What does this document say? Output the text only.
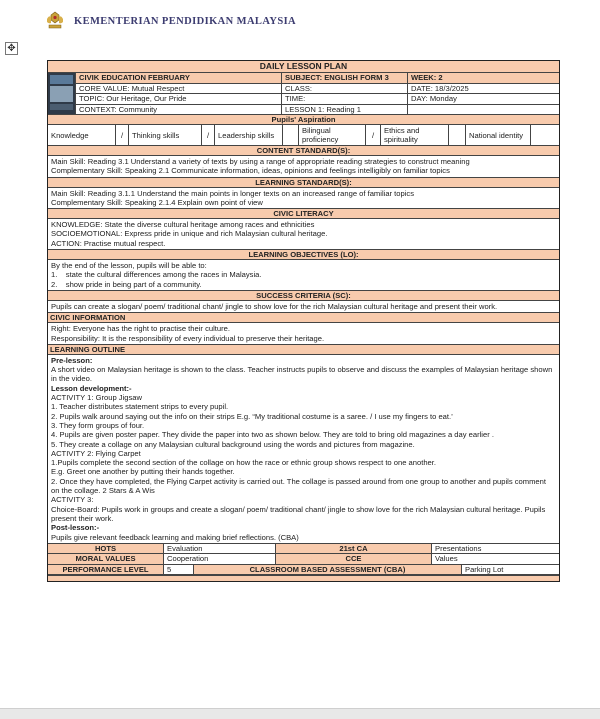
KEMENTERIAN PENDIDIKAN MALAYSIA
✥
DAILY LESSON PLAN
CIVIK EDUCATION FEBRUARY	SUBJECT: ENGLISH FORM 3	WEEK: 2
CORE VALUE: Mutual Respect	CLASS:	DATE: 18/3/2025
TOPIC: Our Heritage, Our Pride	TIME:	DAY: Monday
CONTEXT: Community	LESSON 1: Reading 1
Pupils' Aspiration
Knowledge	/	Thinking skills	/	Leadership skills	Bilingual proficiency	/	Ethics and spirituality	National identity
CONTENT STANDARD(S):
Main Skill: Reading 3.1 Understand a variety of texts by using a range of appropriate reading strategies to construct meaning
Complementary Skill: Speaking 2.1 Communicate information, ideas, opinions and feelings intelligibly on familiar topics
LEARNING STANDARD(S):
Main Skill: Reading 3.1.1 Understand the main points in longer texts on an increased range of familiar topics
Complementary Skill: Speaking 2.1.4 Explain own point of view
CIVIC LITERACY
KNOWLEDGE: State the diverse cultural heritage among races and ethnicities
SOCIOEMOTIONAL: Express pride in unique and rich Malaysian cultural heritage.
ACTION: Practise mutual respect.
LEARNING OBJECTIVES (LO):
By the end of the lesson, pupils will be able to:
1.    state the cultural differences among the races in Malaysia.
2.    show pride in being part of a community.
SUCCESS CRITERIA (SC):
Pupils can create a slogan/ poem/ traditional chant/ jingle to show love for the rich Malaysian cultural heritage and present their work.
CIVIC INFORMATION
Right: Everyone has the right to practise their culture.
Responsibility: It is the responsibility of every individual to preserve their heritage.
LEARNING OUTLINE
Pre-lesson:
A short video on Malaysian heritage is shown to the class. Teacher instructs pupils to observe and discuss the examples of Malaysian heritage shown in the video.
Lesson development:-
ACTIVITY 1: Group Jigsaw
1. Teacher distributes statement strips to every pupil.
2. Pupils walk around saying out the info on their strips E.g. “My traditional costume is a saree. / I use my fingers to eat.’
3. They form groups of four.
4. Pupils are given poster paper. They divide the paper into two as shown below. They are told to bring old magazines a day earlier .
5. They create a collage on any Malaysian cultural background using the words and pictures from magazine.
ACTIVITY 2: Flying Carpet
1.Pupils complete the second section of the collage on how the race or ethnic group shows respect to one another.
E.g. Greet one another by putting their hands together.
2. Once they have completed, the Flying Carpet activity is carried out. The collage is passed around from one group to another and pupils comment on the collage. 2 Stars & A Wis
ACTIVITY 3:
Choice-Board: Pupils work in groups and create a slogan/ poem/ traditional chant/ jingle to show love for the rich Malaysian cultural heritage. Pupils present their work.
Post-lesson:-
Pupils give relevant feedback learning and making brief reflections. (CBA)
HOTS	Evaluation	21st CA	Presentations
MORAL VALUES	Cooperation	CCE	Values
PERFORMANCE LEVEL	5	CLASSROOM BASED ASSESSMENT (CBA)	Parking Lot
